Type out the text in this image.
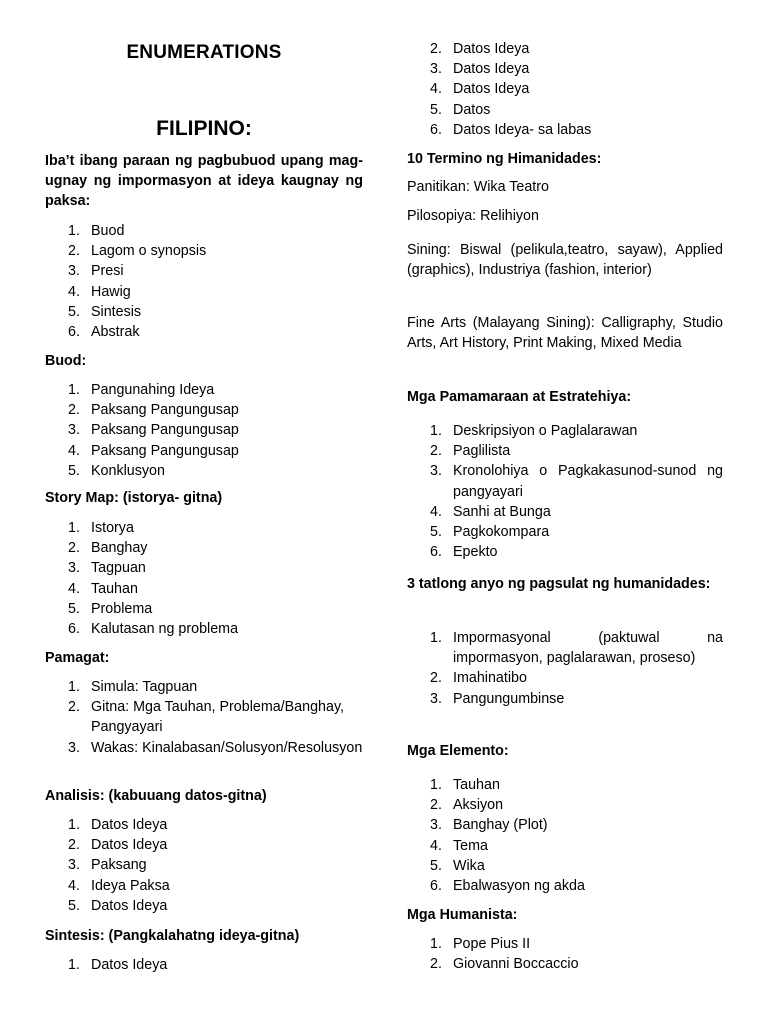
ENUMERATIONS
FILIPINO:

Iba’t ibang paraan ng pagbubuod upang mag-ugnay ng impormasyon at ideya kaugnay ng paksa:

1. Buod
2. Lagom o synopsis
3. Presi
4. Hawig
5. Sintesis
6. Abstrak

Buod:

1. Pangunahing Ideya
2. Paksang Pangungusap
3. Paksang Pangungusap
4. Paksang Pangungusap
5. Konklusyon

Story Map: (istorya- gitna)

1. Istorya
2. Banghay
3. Tagpuan
4. Tauhan
5. Problema
6. Kalutasan ng problema

Pamagat:

1. Simula: Tagpuan
2. Gitna: Mga Tauhan, Problema/Banghay, Pangyayari
3. Wakas: Kinalabasan/Solusyon/Resolusyon

Analisis: (kabuuang datos-gitna)

1. Datos Ideya
2. Datos Ideya
3. Paksang
4. Ideya Paksa
5. Datos Ideya

Sintesis: (Pangkalahatng ideya-gitna)

1. Datos Ideya
2. Datos Ideya
3. Datos Ideya
4. Datos Ideya
5. Datos
6. Datos Ideya- sa labas

10 Termino ng Himanidades:

Panitikan: Wika Teatro

Pilosopiya: Relihiyon

Sining: Biswal (pelikula,teatro, sayaw), Applied (graphics), Industriya (fashion, interior)

Fine Arts (Malayang Sining): Calligraphy, Studio Arts, Art History, Print Making, Mixed Media

Mga Pamamaraan at Estratehiya:

1. Deskripsiyon o Paglalarawan
2. Paglilista
3. Kronolohiya o Pagkakasunod-sunod ng pangyayari
4. Sanhi at Bunga
5. Pagkokompara
6. Epekto

3 tatlong anyo ng pagsulat ng humanidades:

1. Impormasyonal (paktuwal na impormasyon, paglalarawan, proseso)
2. Imahinatibo
3. Pangungumbinse

Mga Elemento:

1. Tauhan
2. Aksiyon
3. Banghay (Plot)
4. Tema
5. Wika
6. Ebalwasyon ng akda

Mga Humanista:

1. Pope Pius II
2. Giovanni Boccaccio
